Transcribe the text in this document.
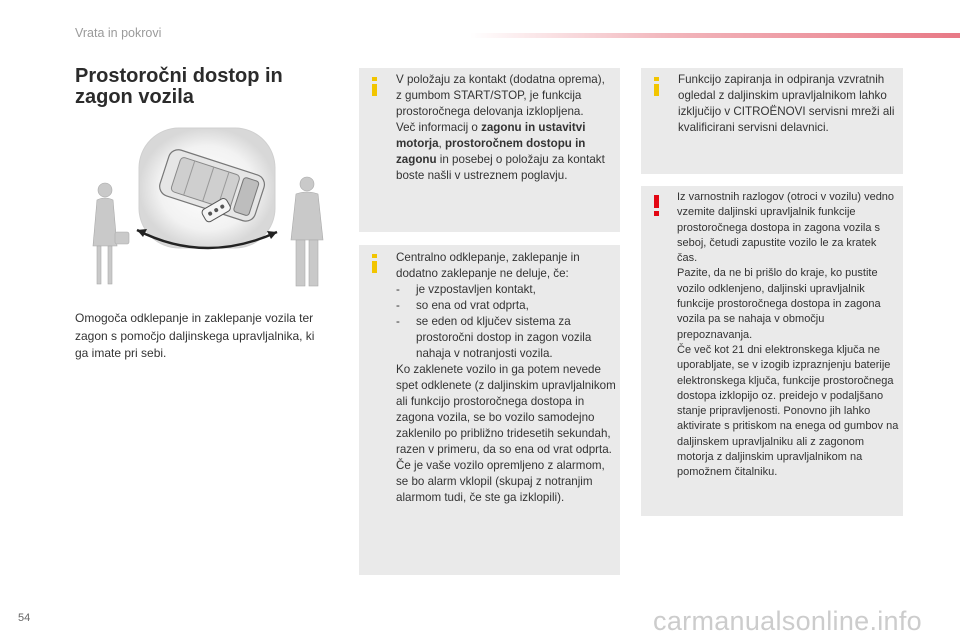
Vrata in pokrovi
Prostoročni dostop in
zagon vozila

Omogoča odklepanje in zaklepanje vozila ter zagon s pomočjo daljinskega upravljalnika, ki ga imate pri sebi.

V položaju za kontakt (dodatna oprema), z gumbom START/STOP, je funkcija prostoročnega delovanja izklopljena.
Več informacij o zagonu in ustavitvi motorja, prostoročnem dostopu in zagonu in posebej o položaju za kontakt boste našli v ustreznem poglavju.
Centralno odklepanje, zaklepanje in dodatno zaklepanje ne deluje, če:
- je vzpostavljen kontakt,
- so ena od vrat odprta,
- se eden od ključev sistema za prostoročni dostop in zagon vozila nahaja v notranjosti vozila.
Ko zaklenete vozilo in ga potem nevede spet odklenete (z daljinskim upravljalnikom ali funkcijo prostoročnega dostopa in zagona vozila, se bo vozilo samodejno zaklenilo po približno tridesetih sekundah, razen v primeru, da so ena od vrat odprta.
Če je vaše vozilo opremljeno z alarmom, se bo alarm vklopil (skupaj z notranjim alarmom tudi, če ste ga izklopili).
Funkcijo zapiranja in odpiranja vzvratnih ogledal z daljinskim upravljalnikom lahko izključijo v CITROËNOVI servisni mreži ali kvalificirani servisni delavnici.
Iz varnostnih razlogov (otroci v vozilu) vedno vzemite daljinski upravljalnik funkcije prostoročnega dostopa in zagona vozila s seboj, četudi zapustite vozilo le za kratek čas.
Pazite, da ne bi prišlo do kraje, ko pustite vozilo odklenjeno, daljinski upravljalnik funkcije prostoročnega dostopa in zagona vozila pa se nahaja v območju prepoznavanja.
Če več kot 21 dni elektronskega ključa ne uporabljate, se v izogib izpraznjenju baterije elektronskega ključa, funkcije prostoročnega dostopa izklopijo oz. preidejo v podaljšano stanje pripravljenosti. Ponovno jih lahko aktivirate s pritiskom na enega od gumbov na daljinskem upravljalniku ali z zagonom motorja z daljinskim upravljalnikom na pomožnem čitalniku.
54	carmanualsonline.info
